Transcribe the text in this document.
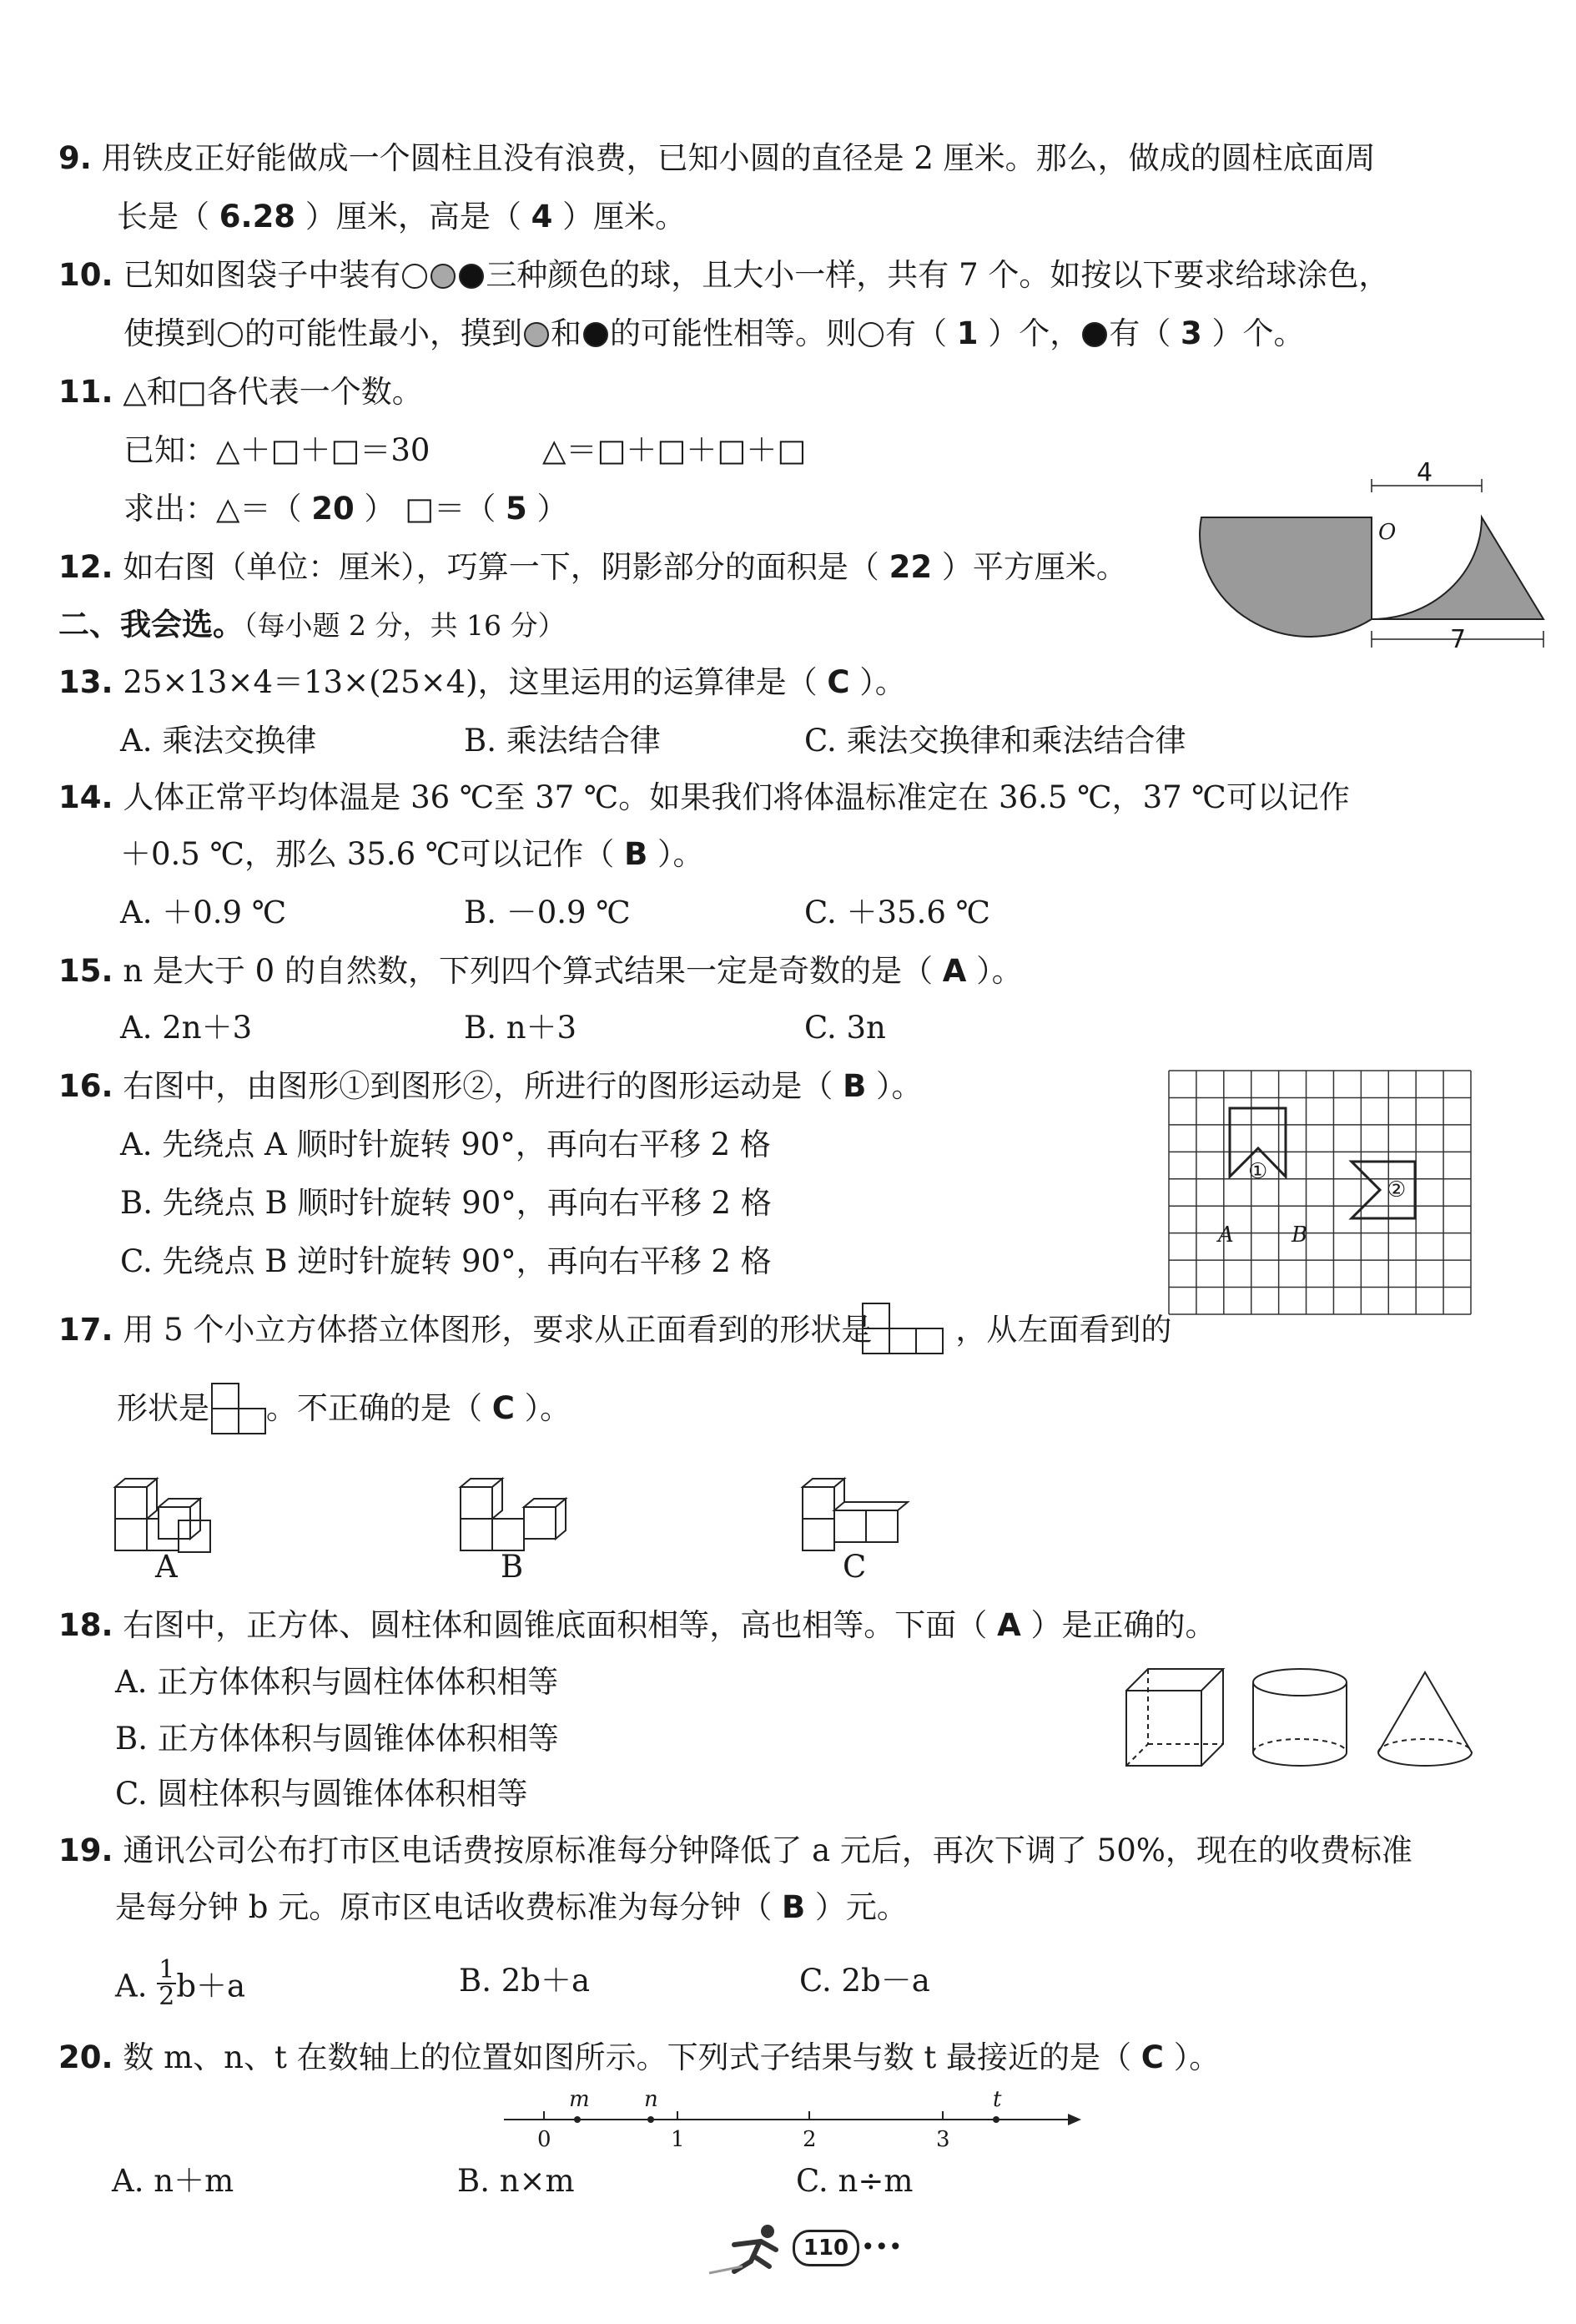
9. 用铁皮正好能做成一个圆柱且没有浪费，已知小圆的直径是 2 厘米。那么，做成的圆柱底面周
长是（ 6.28 ）厘米，高是（ 4 ）厘米。
10. 已知如图袋子中装有	三种颜色的球，且大小一样，共有 7 个。如按以下要求给球涂色，
使摸到 的可能性最小，摸到 和 的可能性相等。则 有（ 1 ）个， 有（ 3 ）个。
11. △和□各代表一个数。
已知：△＋□＋□＝30	△＝□＋□＋□＋□
求出：△＝（ 20 ） □＝（ 5 ）
12. 如右图（单位：厘米），巧算一下，阴影部分的面积是（ 22 ）平方厘米。
4
O
7
二、我会选。（每小题 2 分，共 16 分）
13. 25×13×4＝13×(25×4)，这里运用的运算律是（ C ）。
A. 乘法交换律	B. 乘法结合律	C. 乘法交换律和乘法结合律
14. 人体正常平均体温是 36 ℃至 37 ℃。如果我们将体温标准定在 36.5 ℃，37 ℃可以记作
＋0.5 ℃，那么 35.6 ℃可以记作（ B ）。
A. ＋0.9 ℃	B. －0.9 ℃	C. ＋35.6 ℃
15. n 是大于 0 的自然数，下列四个算式结果一定是奇数的是（ A ）。
A. 2n＋3	B. n＋3	C. 3n
16. 右图中，由图形①到图形②，所进行的图形运动是（ B ）。
A. 先绕点 A 顺时针旋转 90°，再向右平移 2 格
B. 先绕点 B 顺时针旋转 90°，再向右平移 2 格
C. 先绕点 B 逆时针旋转 90°，再向右平移 2 格
①
②
A	B
17. 用 5 个小立方体搭立体图形，要求从正面看到的形状是	，从左面看到的
形状是 。不正确的是（ C ）。
A	B	C
18. 右图中，正方体、圆柱体和圆锥底面积相等，高也相等。下面（ A ）是正确的。
A. 正方体体积与圆柱体体积相等
B. 正方体体积与圆锥体体积相等
C. 圆柱体积与圆锥体体积相等
19. 通讯公司公布打市区电话费按原标准每分钟降低了 a 元后，再次下调了 50%，现在的收费标准
是每分钟 b 元。原市区电话收费标准为每分钟（ B ）元。
A. $\frac{1}{2} b+a$	B. 2b＋a	C. 2b－a
20. 数 m、n、t 在数轴上的位置如图所示。下列式子结果与数 t 最接近的是（ C ）。
0	1	2	3
m	n	t
A. n＋m	B. n×m	C. n÷m
110 •••
